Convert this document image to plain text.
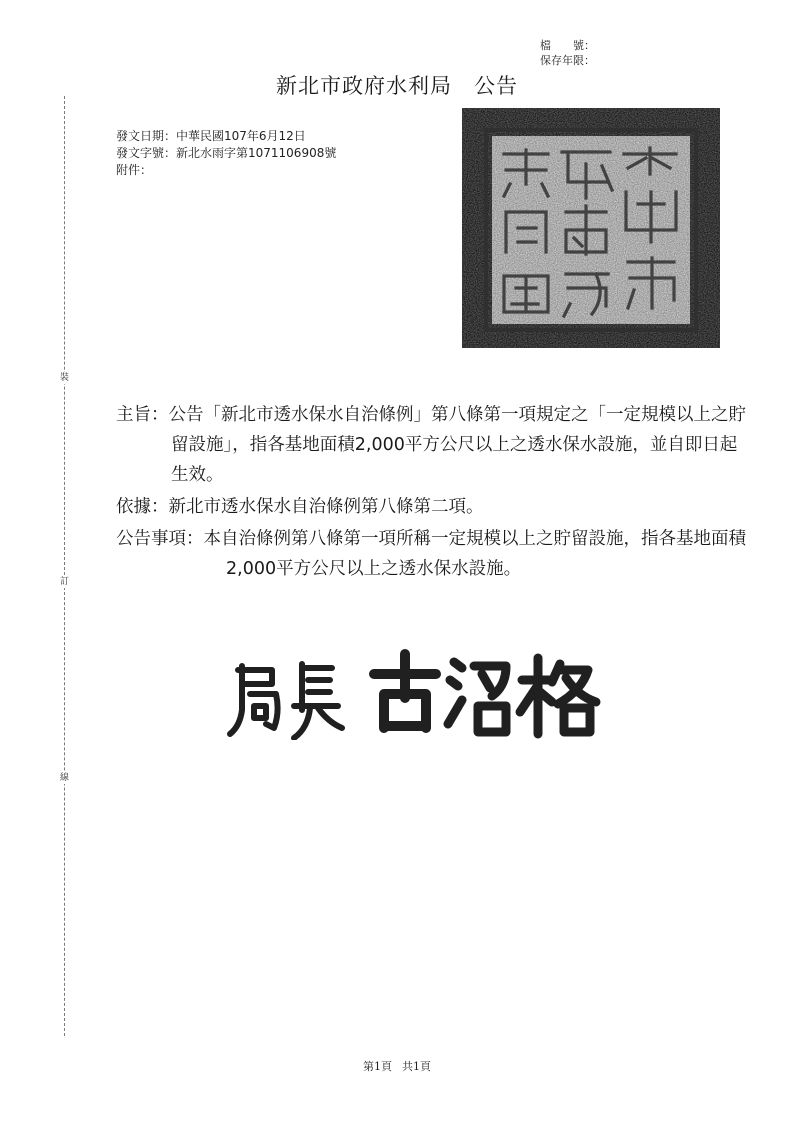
裝
訂
線
檔　　號：
保存年限：
新北市政府水利局　公告
發文日期：中華民國107年6月12日
發文字號：新北水雨字第1071106908號
附件：
主旨：公告「新北市透水保水自治條例」第八條第一項規定之「一定規模以上之貯留設施」，指各基地面積2,000平方公尺以上之透水保水設施，並自即日起生效。
依據：新北市透水保水自治條例第八條第二項。
公告事項：本自治條例第八條第一項所稱一定規模以上之貯留設施，指各基地面積2,000平方公尺以上之透水保水設施。
第1頁 共1頁
